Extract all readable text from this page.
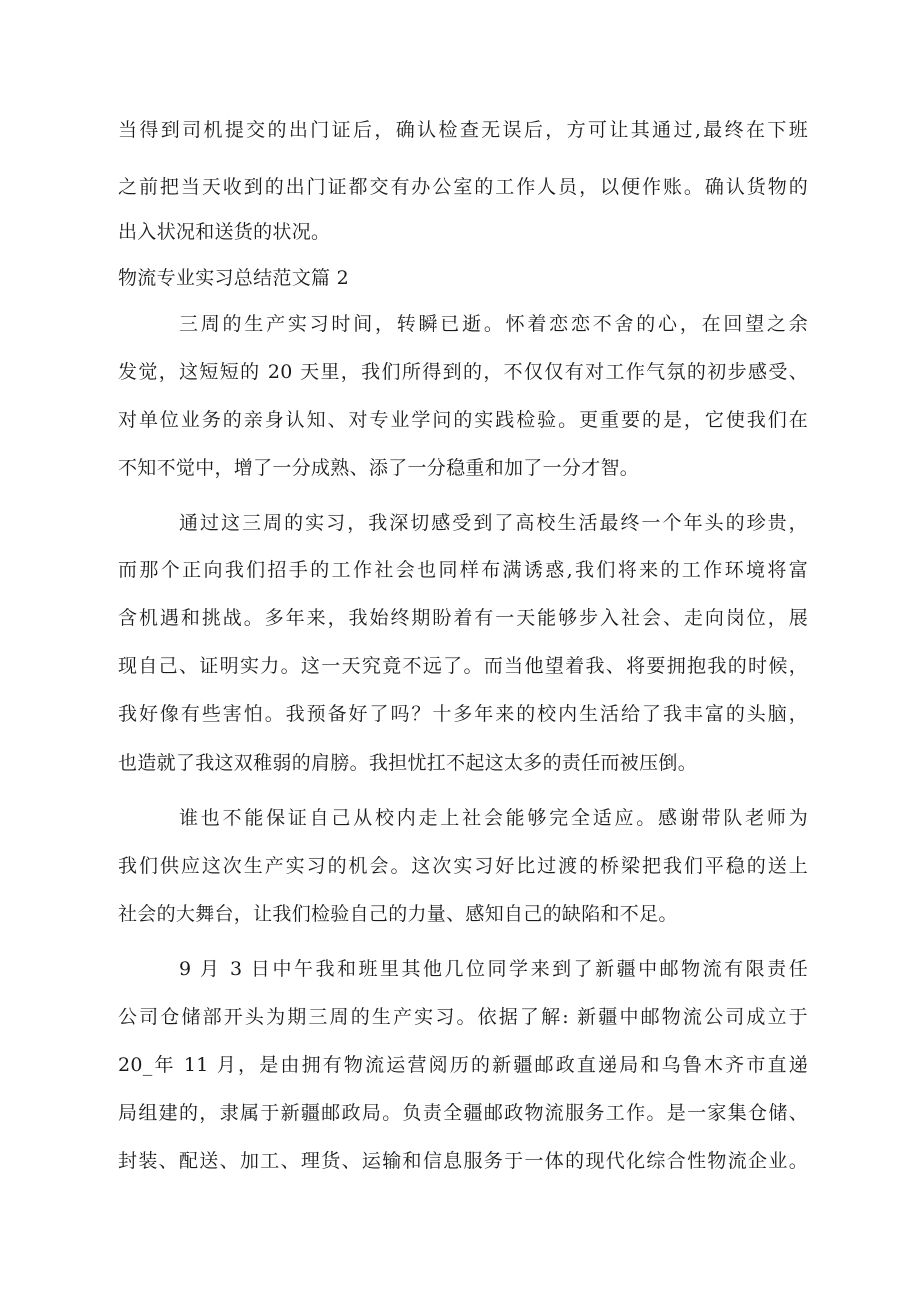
当得到司机提交的出门证后，确认检查无误后，方可让其通过,最终在下班
之前把当天收到的出门证都交有办公室的工作人员，以便作账。确认货物的
出入状况和送货的状况。
物流专业实习总结范文篇 2
三周的生产实习时间，转瞬已逝。怀着恋恋不舍的心，在回望之余
发觉，这短短的 20 天里，我们所得到的，不仅仅有对工作气氛的初步感受、
对单位业务的亲身认知、对专业学问的实践检验。更重要的是，它使我们在
不知不觉中，增了一分成熟、添了一分稳重和加了一分才智。
通过这三周的实习，我深切感受到了高校生活最终一个年头的珍贵，
而那个正向我们招手的工作社会也同样布满诱惑,我们将来的工作环境将富
含机遇和挑战。多年来，我始终期盼着有一天能够步入社会、走向岗位，展
现自己、证明实力。这一天究竟不远了。而当他望着我、将要拥抱我的时候，
我好像有些害怕。我预备好了吗？十多年来的校内生活给了我丰富的头脑，
也造就了我这双稚弱的肩膀。我担忧扛不起这太多的责任而被压倒。
谁也不能保证自己从校内走上社会能够完全适应。感谢带队老师为
我们供应这次生产实习的机会。这次实习好比过渡的桥梁把我们平稳的送上
社会的大舞台，让我们检验自己的力量、感知自己的缺陷和不足。
9 月 3 日中午我和班里其他几位同学来到了新疆中邮物流有限责任
公司仓储部开头为期三周的生产实习。依据了解: 新疆中邮物流公司成立于
20_年 11 月，是由拥有物流运营阅历的新疆邮政直递局和乌鲁木齐市直递
局组建的，隶属于新疆邮政局。负责全疆邮政物流服务工作。是一家集仓储、
封装、配送、加工、理货、运输和信息服务于一体的现代化综合性物流企业。
